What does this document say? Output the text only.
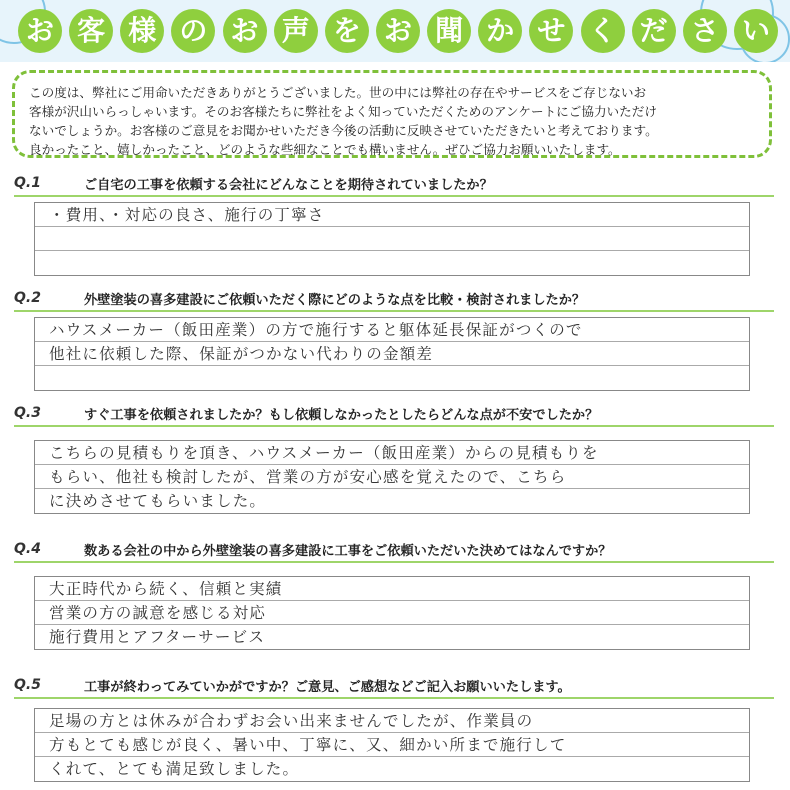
お 客 様 の お 声 を お 聞 か せ く だ さ い
この度は、弊社にご用命いただきありがとうございました。世の中には弊社の存在やサービスをご存じないお
客様が沢山いらっしゃいます。そのお客様たちに弊社をよく知っていただくためのアンケートにご協力いただけ
ないでしょうか。お客様のご意見をお聞かせいただき今後の活動に反映させていただきたいと考えております。
良かったこと、嬉しかったこと、どのような些細なことでも構いません。ぜひご協力お願いいたします。
Q.1	ご自宅の工事を依頼する会社にどんなことを期待されていましたか？
・費用、・対応の良さ、施行の丁寧さ
Q.2	外壁塗装の喜多建設にご依頼いただく際にどのような点を比較・検討されましたか？
ハウスメーカー（飯田産業）の方で施行すると躯体延長保証がつくので
他社に依頼した際、保証がつかない代わりの金額差
Q.3	すぐ工事を依頼されましたか？もし依頼しなかったとしたらどんな点が不安でしたか？
こちらの見積もりを頂き、ハウスメーカー（飯田産業）からの見積もりを
もらい、他社も検討したが、営業の方が安心感を覚えたので、こちら
に決めさせてもらいました。
Q.4	数ある会社の中から外壁塗装の喜多建設に工事をご依頼いただいた決めてはなんですか？
大正時代から続く、信頼と実績
営業の方の誠意を感じる対応
施行費用とアフターサービス
Q.5	工事が終わってみていかがですか？ご意見、ご感想などご記入お願いいたします。
足場の方とは休みが合わずお会い出来ませんでしたが、作業員の
方もとても感じが良く、暑い中、丁寧に、又、細かい所まで施行して
くれて、とても満足致しました。
